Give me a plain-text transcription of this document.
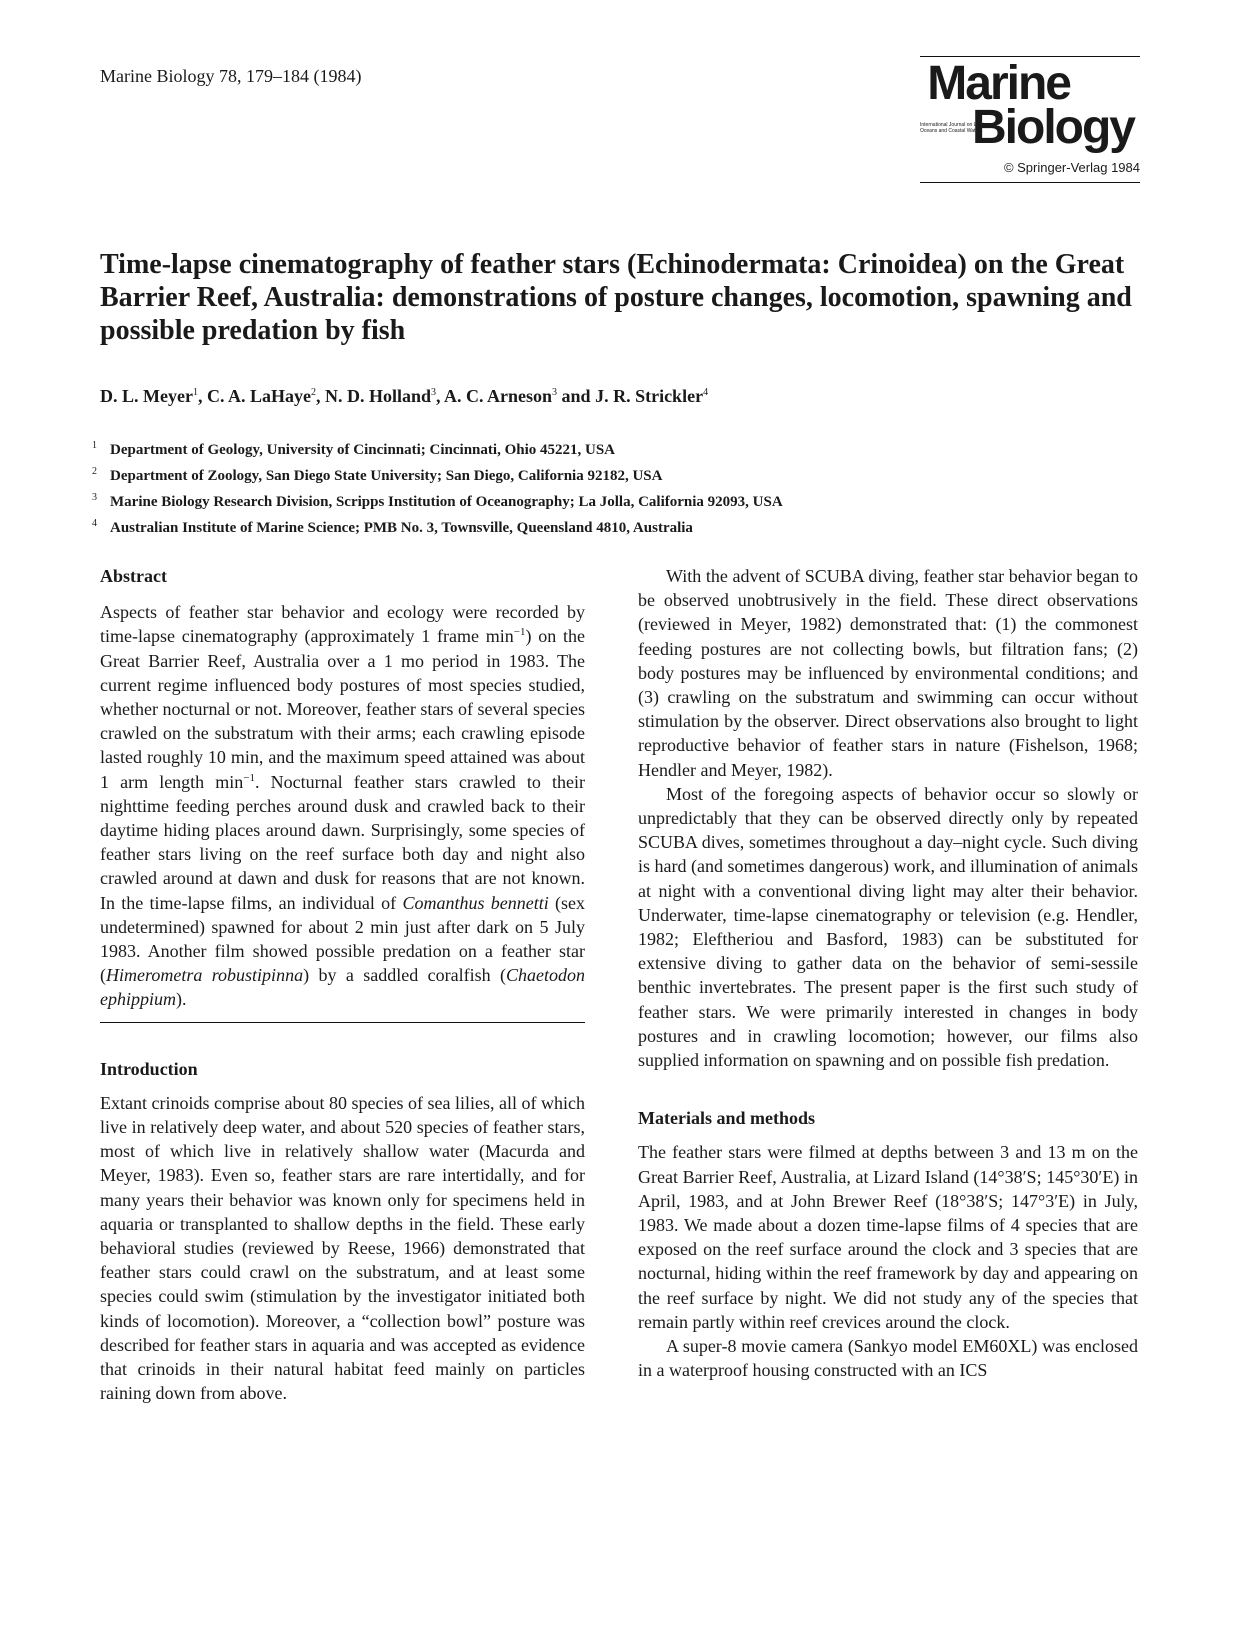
Marine Biology 78, 179–184 (1984)	Marine
International Journal on Life in Oceans and Coastal Waters
Biology
© Springer-Verlag 1984
Time-lapse cinematography of feather stars (Echinodermata: Crinoidea) on the Great Barrier Reef, Australia: demonstrations of posture changes, locomotion, spawning and possible predation by fish
D. L. Meyer$^1$, C. A. LaHaye$^2$, N. D. Holland$^3$, A. C. Arneson$^3$ and J. R. Strickler$^4$
1 Department of Geology, University of Cincinnati; Cincinnati, Ohio 45221, USA
2 Department of Zoology, San Diego State University; San Diego, California 92182, USA
3 Marine Biology Research Division, Scripps Institution of Oceanography; La Jolla, California 92093, USA
4 Australian Institute of Marine Science; PMB No. 3, Townsville, Queensland 4810, Australia

Abstract

Aspects of feather star behavior and ecology were recorded by time-lapse cinematography (approximately 1 frame $\min^{-1}$) on the Great Barrier Reef, Australia over a 1 mo period in 1983. The current regime influenced body postures of most species studied, whether nocturnal or not. Moreover, feather stars of several species crawled on the substratum with their arms; each crawling episode lasted roughly 10 min, and the maximum speed attained was about 1 arm length $\min^{-1}$. Nocturnal feather stars crawled to their nighttime feeding perches around dusk and crawled back to their daytime hiding places around dawn. Surprisingly, some species of feather stars living on the reef surface both day and night also crawled around at dawn and dusk for reasons that are not known. In the time-lapse films, an individual of Comanthus bennetti (sex undetermined) spawned for about 2 min just after dark on 5 July 1983. Another film showed possible predation on a feather star (Himerometra robustipinna) by a saddled coralfish (Chaetodon ephippium).

Introduction

Extant crinoids comprise about 80 species of sea lilies, all of which live in relatively deep water, and about 520 species of feather stars, most of which live in relatively shallow water (Macurda and Meyer, 1983). Even so, feather stars are rare intertidally, and for many years their behavior was known only for specimens held in aquaria or transplanted to shallow depths in the field. These early behavioral studies (reviewed by Reese, 1966) demonstrated that feather stars could crawl on the substratum, and at least some species could swim (stimulation by the investigator initiated both kinds of locomotion). Moreover, a “collection bowl” posture was described for feather stars in aquaria and was accepted as evidence that crinoids in their natural habitat feed mainly on particles raining down from above.

With the advent of SCUBA diving, feather star behavior began to be observed unobtrusively in the field. These direct observations (reviewed in Meyer, 1982) demonstrated that: (1) the commonest feeding postures are not collecting bowls, but filtration fans; (2) body postures may be influenced by environmental conditions; and (3) crawling on the substratum and swimming can occur without stimulation by the observer. Direct observations also brought to light reproductive behavior of feather stars in nature (Fishelson, 1968; Hendler and Meyer, 1982).

Most of the foregoing aspects of behavior occur so slowly or unpredictably that they can be observed directly only by repeated SCUBA dives, sometimes throughout a day–night cycle. Such diving is hard (and sometimes dangerous) work, and illumination of animals at night with a conventional diving light may alter their behavior. Underwater, time-lapse cinematography or television (e.g. Hendler, 1982; Eleftheriou and Basford, 1983) can be substituted for extensive diving to gather data on the behavior of semi-sessile benthic invertebrates. The present paper is the first such study of feather stars. We were primarily interested in changes in body postures and in crawling locomotion; however, our films also supplied information on spawning and on possible fish predation.

Materials and methods

The feather stars were filmed at depths between 3 and 13 m on the Great Barrier Reef, Australia, at Lizard Island (14°38′S; 145°30′E) in April, 1983, and at John Brewer Reef (18°38′S; 147°3′E) in July, 1983. We made about a dozen time-lapse films of 4 species that are exposed on the reef surface around the clock and 3 species that are nocturnal, hiding within the reef framework by day and appearing on the reef surface by night. We did not study any of the species that remain partly within reef crevices around the clock.

A super-8 movie camera (Sankyo model EM60XL) was enclosed in a waterproof housing constructed with an ICS
